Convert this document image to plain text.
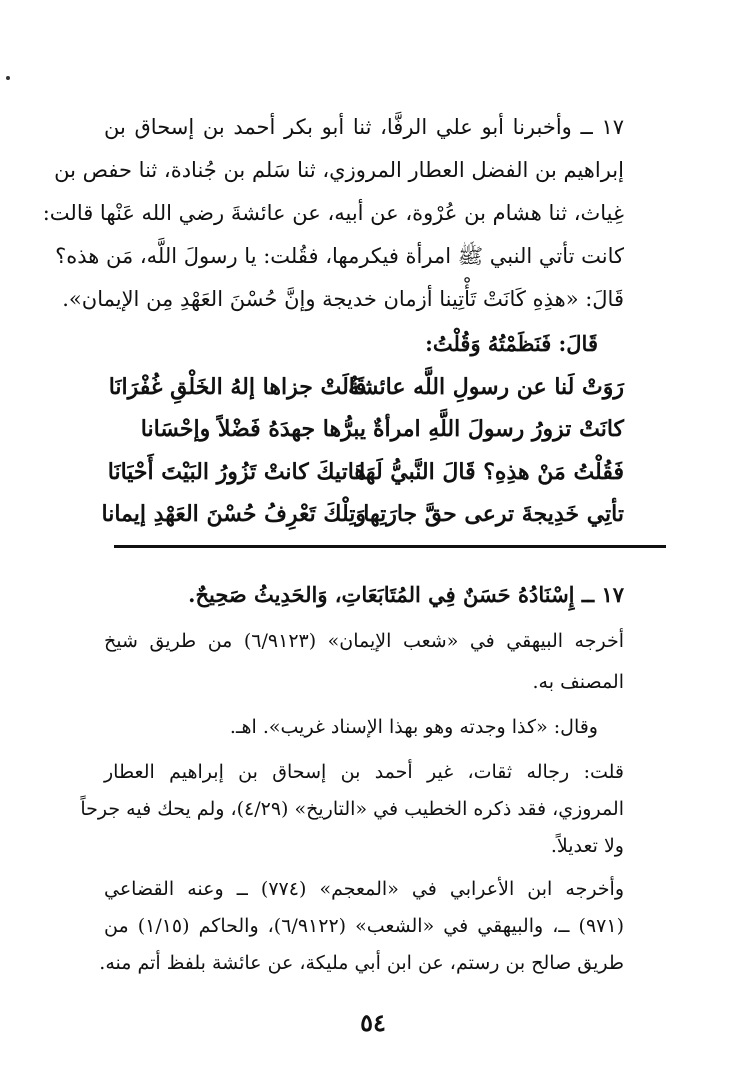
١٧ ــ وأخبرنا أبو علي الرفَّا، ثنا أبو بكر أحمد بن إسحاق بن
إبراهيم بن الفضل العطار المروزي، ثنا سَلم بن جُنادة، ثنا حفص بن
غِياث، ثنا هشام بن عُرْوة، عن أبيه، عن عائشةَ رضي الله عَنْها قالت:
كانت تأتي النبي ﷺ امرأة فيكرمها، فقُلت: يا رسولَ اللَّه، مَن هذه؟
قَالَ: «هذِهِ كَانَتْ تَأْتِينا أزمان خديجة وإنَّ حُسْنَ العَهْدِ مِن الإيمان».
قَالَ: فَنَظَمْتُهُ وَقُلْتُ:
رَوَتْ لَنا عن رسولِ اللَّه عائشةٌ
قَالَتْ جزاها إلهُ الخَلْقِ غُفْرَانَا
كانَتْ تزورُ رسولَ اللَّهِ امرأةٌ
يبرُّها جهدَهُ فَضْلاً وإحْسَانا
فَقُلْتُ مَنْ هذِهِ؟ قَالَ النَّبيُّ لَهَا
هَاتيكَ كانتْ تَزُورُ البَيْتَ أَحْيَانَا
تأتِي خَدِيجةَ ترعى حقَّ جارَتِها
وَتِلْكَ تَعْرِفُ حُسْنَ العَهْدِ إيمانا
١٧ ــ إِسْنَادُهُ حَسَنٌ فِي المُتَابَعَاتِ، وَالحَدِيثُ صَحِيحٌ.
أخرجه البيهقي في «شعب الإيمان» (٦/٩١٢٣) من طريق شيخ
المصنف به.
وقال: «كذا وجدته وهو بهذا الإسناد غريب». اهـ.
قلت: رجاله ثقات، غير أحمد بن إسحاق بن إبراهيم العطار
المروزي، فقد ذكره الخطيب في «التاريخ» (٤/٢٩)، ولم يحك فيه جرحاً
ولا تعديلاً.
وأخرجه ابن الأعرابي في «المعجم» (٧٧٤) ــ وعنه القضاعي
(٩٧١) ــ، والبيهقي في «الشعب» (٦/٩١٢٢)، والحاكم (١/١٥) من
طريق صالح بن رستم، عن ابن أبي مليكة، عن عائشة بلفظ أتم منه.
٥٤
